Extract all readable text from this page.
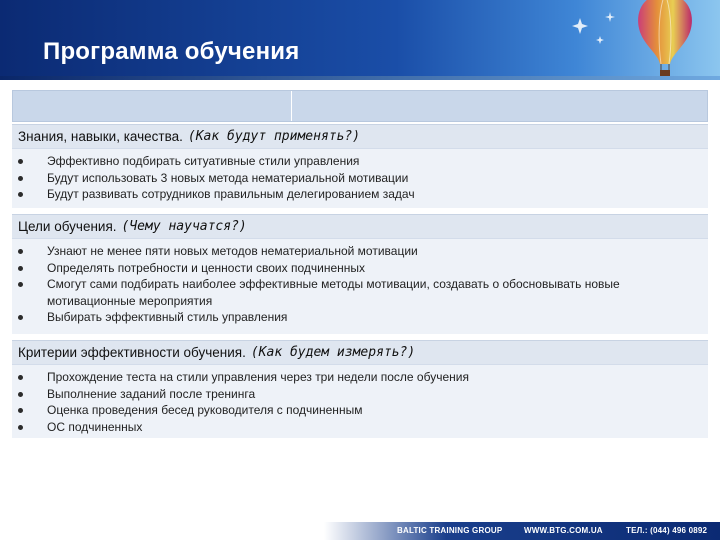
Программа обучения
Знания, навыки, качества. (Как будут применять?)
Эффективно подбирать ситуативные стили управления
Будут использовать 3 новых метода нематериальной мотивации
Будут развивать сотрудников правильным делегированием задач
Цели обучения. (Чему научатся?)
Узнают не менее пяти новых методов нематериальной мотивации
Определять потребности и ценности своих подчиненных
Смогут сами подбирать наиболее эффективные методы мотивации, создавать о обосновывать новые мотивационные мероприятия
Выбирать эффективный стиль управления
Критерии эффективности обучения. (Как будем измерять?)
Прохождение теста на стили управления через три недели после обучения
Выполнение заданий после тренинга
Оценка проведения бесед руководителя с подчиненным
ОС подчиненных
BALTIC TRAINING GROUP	WWW.BTG.COM.UA	ТЕЛ.: (044) 496 0892
